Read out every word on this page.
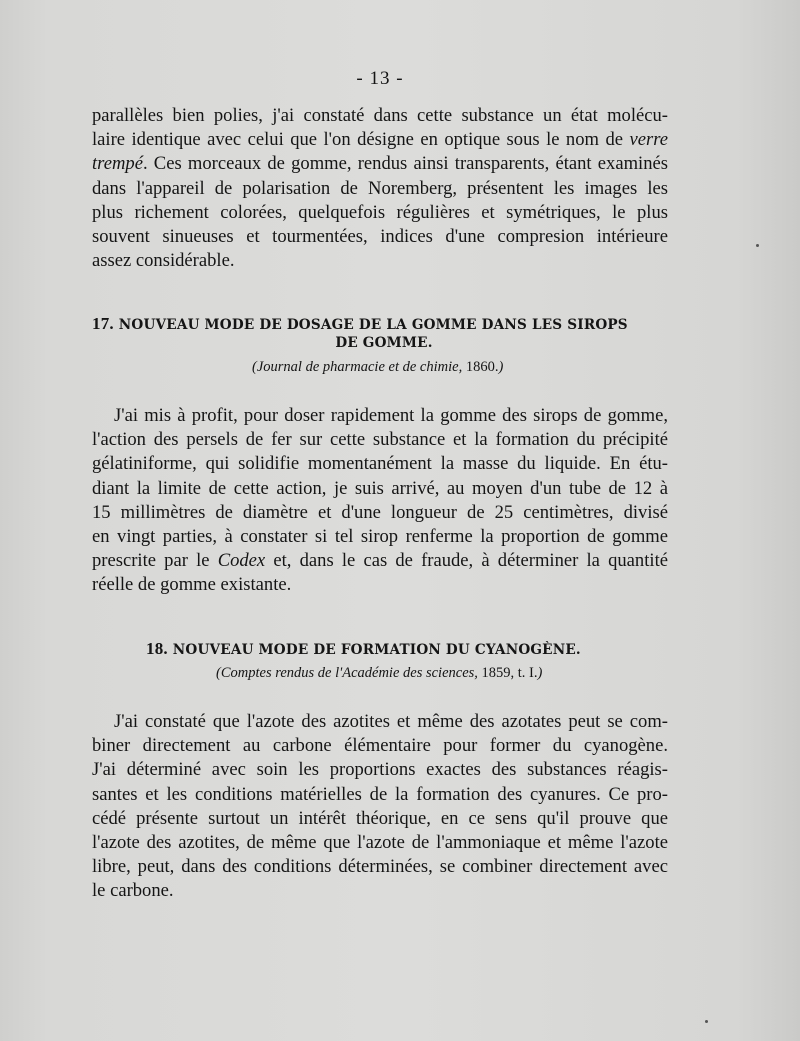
- 13 -
parallèles bien polies, j'ai constaté dans cette substance un état molécu-
laire identique avec celui que l'on désigne en optique sous le nom de verre
trempé. Ces morceaux de gomme, rendus ainsi transparents, étant examinés
dans l'appareil de polarisation de Noremberg, présentent les images les
plus richement colorées, quelquefois régulières et symétriques, le plus
souvent sinueuses et tourmentées, indices d'une compresion intérieure
assez considérable.
17. NOUVEAU MODE DE DOSAGE DE LA GOMME DANS LES SIROPS
DE GOMME.
(Journal de pharmacie et de chimie, 1860.)
J'ai mis à profit, pour doser rapidement la gomme des sirops de gomme,
l'action des persels de fer sur cette substance et la formation du précipité
gélatiniforme, qui solidifie momentanément la masse du liquide. En étu-
diant la limite de cette action, je suis arrivé, au moyen d'un tube de 12 à
15 millimètres de diamètre et d'une longueur de 25 centimètres, divisé
en vingt parties, à constater si tel sirop renferme la proportion de gomme
prescrite par le Codex et, dans le cas de fraude, à déterminer la quantité
réelle de gomme existante.
18. NOUVEAU MODE DE FORMATION DU CYANOGÈNE.
(Comptes rendus de l'Académie des sciences, 1859, t. I.)
J'ai constaté que l'azote des azotites et même des azotates peut se com-
biner directement au carbone élémentaire pour former du cyanogène.
J'ai déterminé avec soin les proportions exactes des substances réagis-
santes et les conditions matérielles de la formation des cyanures. Ce pro-
cédé présente surtout un intérêt théorique, en ce sens qu'il prouve que
l'azote des azotites, de même que l'azote de l'ammoniaque et même l'azote
libre, peut, dans des conditions déterminées, se combiner directement avec
le carbone.
